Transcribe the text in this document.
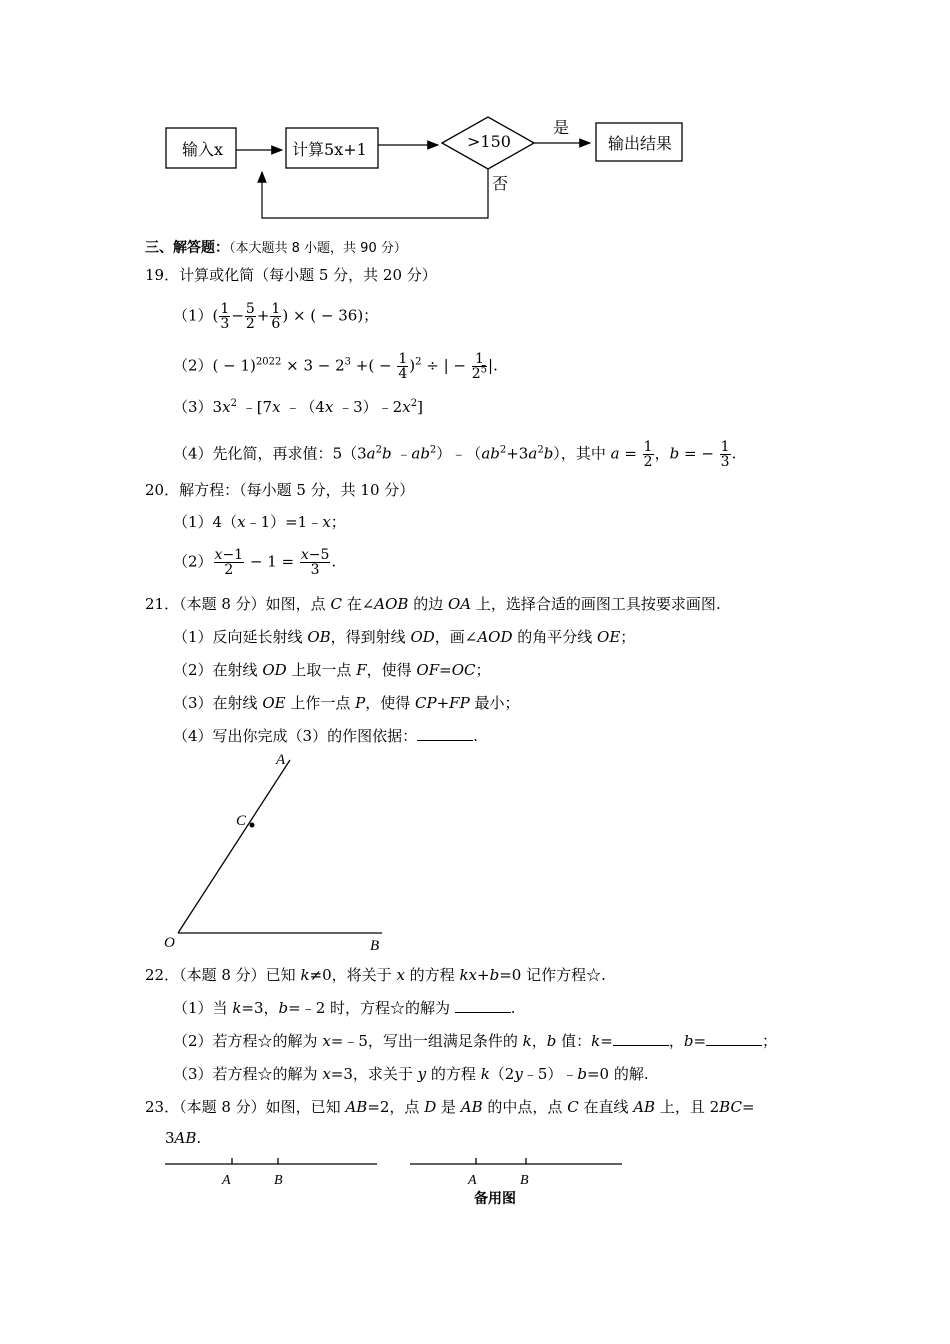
输入x	计算5x+1	>150
是
否
输出结果
三、解答题：（本大题共 8 小题，共 90 分）
19．计算或化简（每小题 5 分，共 20 分）
$(1)( \frac{1}{3} - \frac{5}{2} + \frac{1}{6}$ ) × ( − 36)；
$(2)( - 1)^{2022} \times 3 - 2^3$ +( − $\frac{1}{4} )^2$ ÷ | − $\frac{1}{2^5}$ |.
$(3)3x^2$ ﹣[7x ﹣（4x $﹣3)﹣2x^2$]
（4）先化简，再求值：$5(3a^2b$ $﹣ab^2)﹣(ab^2+3a^2b)$，其中 $a = \frac{1}{2}$ ，b = − $\frac{1}{3}$ .
20．解方程：（每小题 5 分，共 10 分）
（1）4（x﹣1）=1﹣x；
$(2) \frac{x-1}{2} - 1 = \frac{x-5}{3}$ .
21．（本题 8 分）如图，点 C 在∠AOB 的边 OA 上，选择合适的画图工具按要求画图.
（1）反向延长射线 OB，得到射线 OD，画∠AOD 的角平分线 OE；
（2）在射线 OD 上取一点 F，使得 OF=OC；
（3）在射线 OE 上作一点 P，使得 CP+FP 最小；
（4）写出你完成（3）的作图依据：	.
A
C
O	B
22．（本题 8 分）已知 k≠0，将关于 x 的方程 kx+b=0 记作方程☆.
（1）当 k=3，b=﹣2 时，方程☆的解为	.
（2）若方程☆的解为 x=﹣5，写出一组满足条件的 k，b 值：k=	，b=	；
（3）若方程☆的解为 x=3，求关于 y 的方程 k（2y﹣5）﹣b=0 的解.
23．（本题 8 分）如图，已知 AB=2，点 D 是 AB 的中点，点 C 在直线 AB 上，且 2BC=
3AB.
A	B	A	B
备用图
